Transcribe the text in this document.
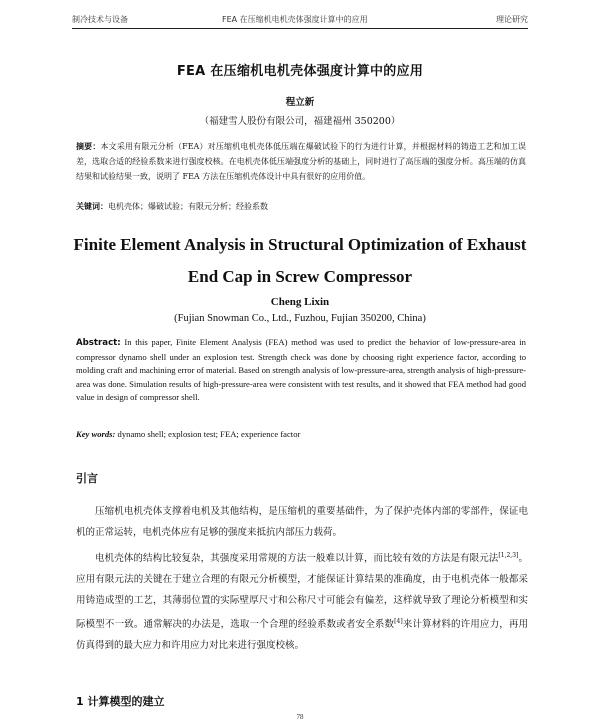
制冷技术与设备	FEA 在压缩机电机壳体强度计算中的应用	理论研究
FEA 在压缩机电机壳体强度计算中的应用
程立新
（福建雪人股份有限公司，福建福州 350200）
摘要：本文采用有限元分析（FEA）对压缩机电机壳体低压端在爆破试验下的行为进行计算，并根据材料的铸造工艺和加工误差，选取合适的经验系数来进行强度校核。在电机壳体低压端强度分析的基础上，同时进行了高压端的强度分析。高压端的仿真结果和试验结果一致，说明了 FEA 方法在压缩机壳体设计中具有很好的应用价值。
关键词：电机壳体；爆破试验；有限元分析；经验系数
Finite Element Analysis in Structural Optimization of Exhaust End Cap in Screw Compressor
Cheng Lixin
(Fujian Snowman Co., Ltd., Fuzhou, Fujian 350200, China)
Abstract: In this paper, Finite Element Analysis (FEA) method was used to predict the behavior of low-pressure-area in compressor dynamo shell under an explosion test. Strength check was done by choosing right experience factor, according to molding craft and machining error of material. Based on strength analysis of low-pressure-area, strength analysis of high-pressure-area was done. Simulation results of high-pressure-area were consistent with test results, and it showed that FEA method had good value in design of compressor shell.
Key words: dynamo shell; explosion test; FEA; experience factor
引言
压缩机电机壳体支撑着电机及其他结构，是压缩机的重要基础件，为了保护壳体内部的零部件，保证电机的正常运转，电机壳体应有足够的强度来抵抗内部压力载荷。
电机壳体的结构比较复杂，其强度采用常规的方法一般难以计算，而比较有效的方法是有限元法[1,2,3]。应用有限元法的关键在于建立合理的有限元分析模型，才能保证计算结果的准确度，由于电机壳体一般都采用铸造成型的工艺，其薄弱位置的实际壁厚尺寸和公称尺寸可能会有偏差，这样就导致了理论分析模型和实际模型不一致。通常解决的办法是，选取一个合理的经验系数或者安全系数[4]来计算材料的许用应力，再用仿真得到的最大应力和许用应力对比来进行强度校核。
1 计算模型的建立
78
